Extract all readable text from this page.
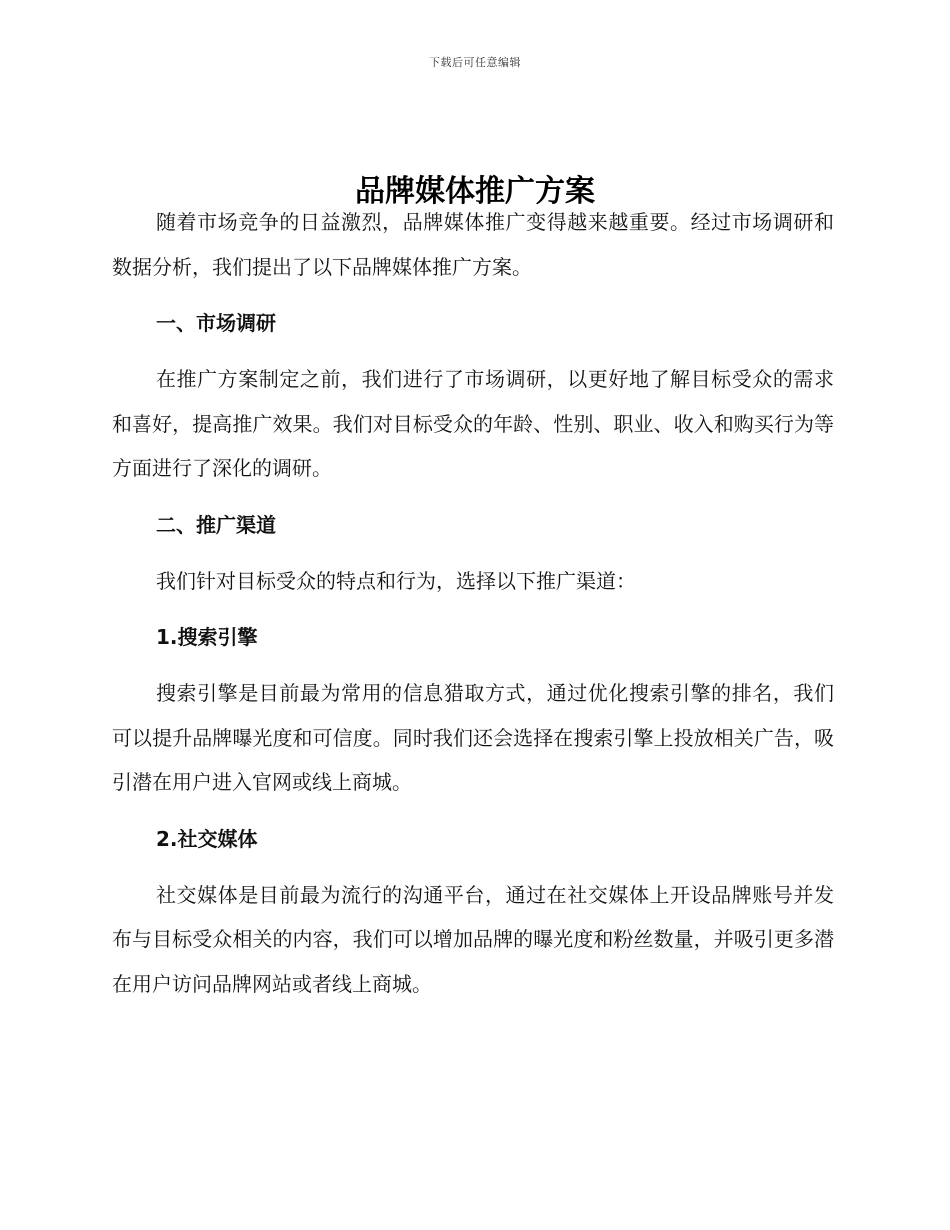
下载后可任意编辑
品牌媒体推广方案

随着市场竞争的日益激烈，品牌媒体推广变得越来越重要。经过市场调研和数据分析，我们提出了以下品牌媒体推广方案。

一、市场调研

在推广方案制定之前，我们进行了市场调研，以更好地了解目标受众的需求和喜好，提高推广效果。我们对目标受众的年龄、性别、职业、收入和购买行为等方面进行了深化的调研。

二、推广渠道

我们针对目标受众的特点和行为，选择以下推广渠道：

1.搜索引擎

搜索引擎是目前最为常用的信息猎取方式，通过优化搜索引擎的排名，我们可以提升品牌曝光度和可信度。同时我们还会选择在搜索引擎上投放相关广告，吸引潜在用户进入官网或线上商城。

2.社交媒体

社交媒体是目前最为流行的沟通平台，通过在社交媒体上开设品牌账号并发布与目标受众相关的内容，我们可以增加品牌的曝光度和粉丝数量，并吸引更多潜在用户访问品牌网站或者线上商城。
